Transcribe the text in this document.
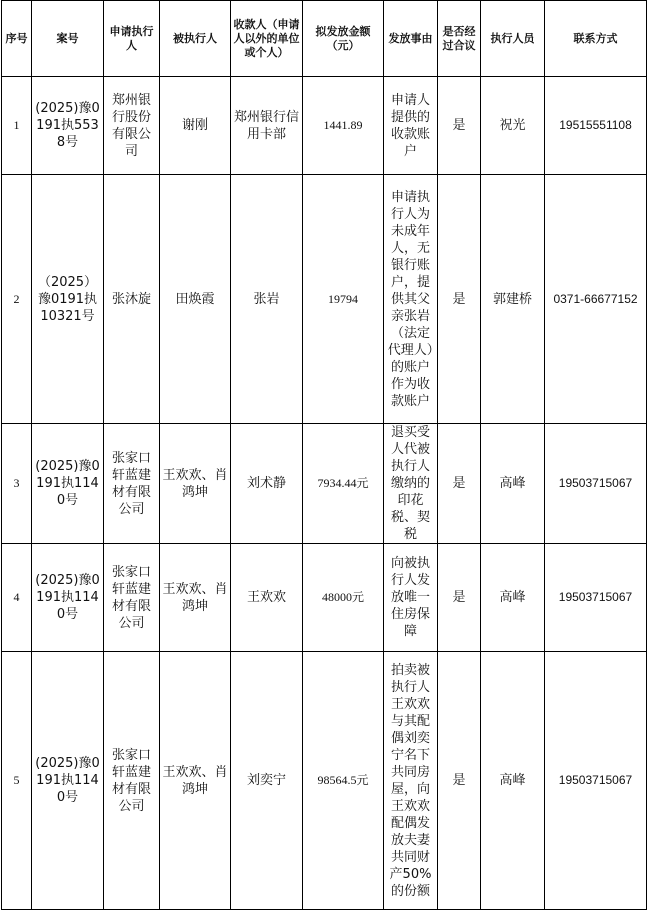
序号	案号	申请执行人	被执行人	收款人（申请人以外的单位或个人）	拟发放金额（元）	发放事由	是否经过合议	执行人员	联系方式
1	(2025)豫0191执5538号	郑州银行股份有限公司	谢刚	郑州银行信用卡部	1441.89	申请人提供的收款账户	是	祝光	19515551108
2	（2025）豫0191执10321号	张沐旋	田焕霞	张岩	19794	申请执行人为未成年人，无银行账户，提供其父亲张岩（法定代理人）的账户作为收款账户	是	郭建桥	0371-66677152
3	(2025)豫0191执1140号	张家口轩蓝建材有限公司	王欢欢、肖鸿坤	刘术静	7934.44元	退买受人代被执行人缴纳的印花税、契税	是	高峰	19503715067
4	(2025)豫0191执1140号	张家口轩蓝建材有限公司	王欢欢、肖鸿坤	王欢欢	48000元	向被执行人发放唯一住房保障	是	高峰	19503715067
5	(2025)豫0191执1140号	张家口轩蓝建材有限公司	王欢欢、肖鸿坤	刘奕宁	98564.5元	拍卖被执行人王欢欢与其配偶刘奕宁名下共同房屋，向王欢欢配偶发放夫妻共同财产50%的份额	是	高峰	19503715067
